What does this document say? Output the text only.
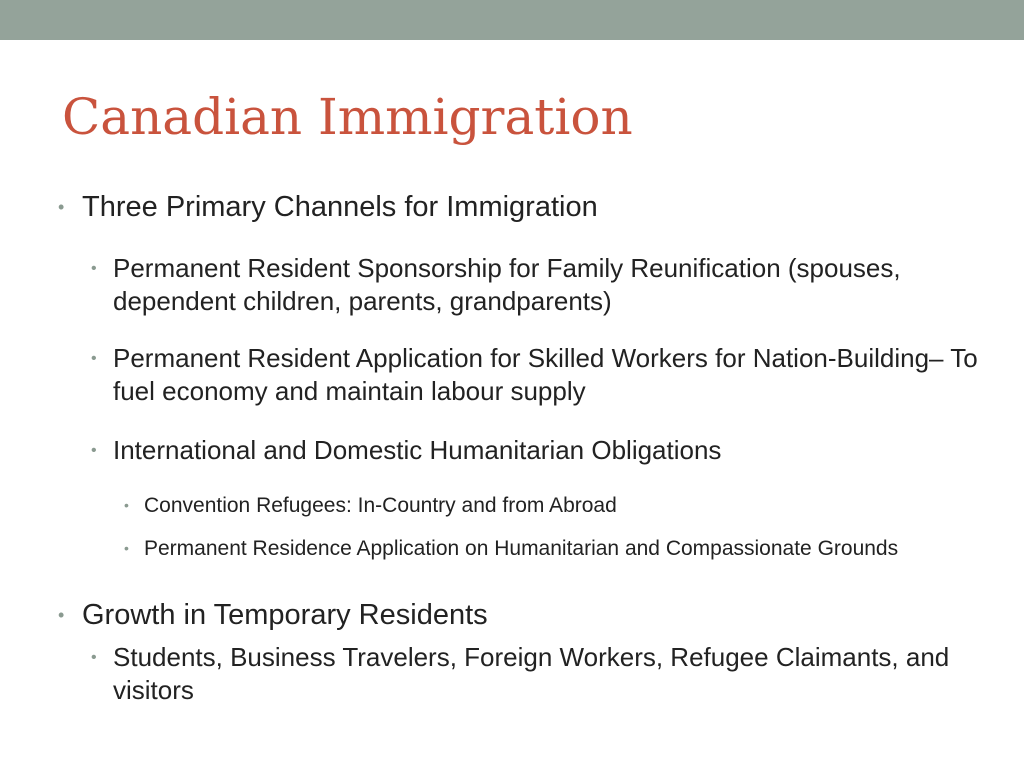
Canadian Immigration
• Three Primary Channels for Immigration
• Permanent Resident Sponsorship for Family Reunification (spouses, dependent children, parents, grandparents)
• Permanent Resident Application for Skilled Workers for Nation-Building– To fuel economy and maintain labour supply
• International and Domestic Humanitarian Obligations
• Convention Refugees: In-Country and from Abroad
• Permanent Residence Application on Humanitarian and Compassionate Grounds
• Growth in Temporary Residents
• Students, Business Travelers, Foreign Workers, Refugee Claimants, and visitors
